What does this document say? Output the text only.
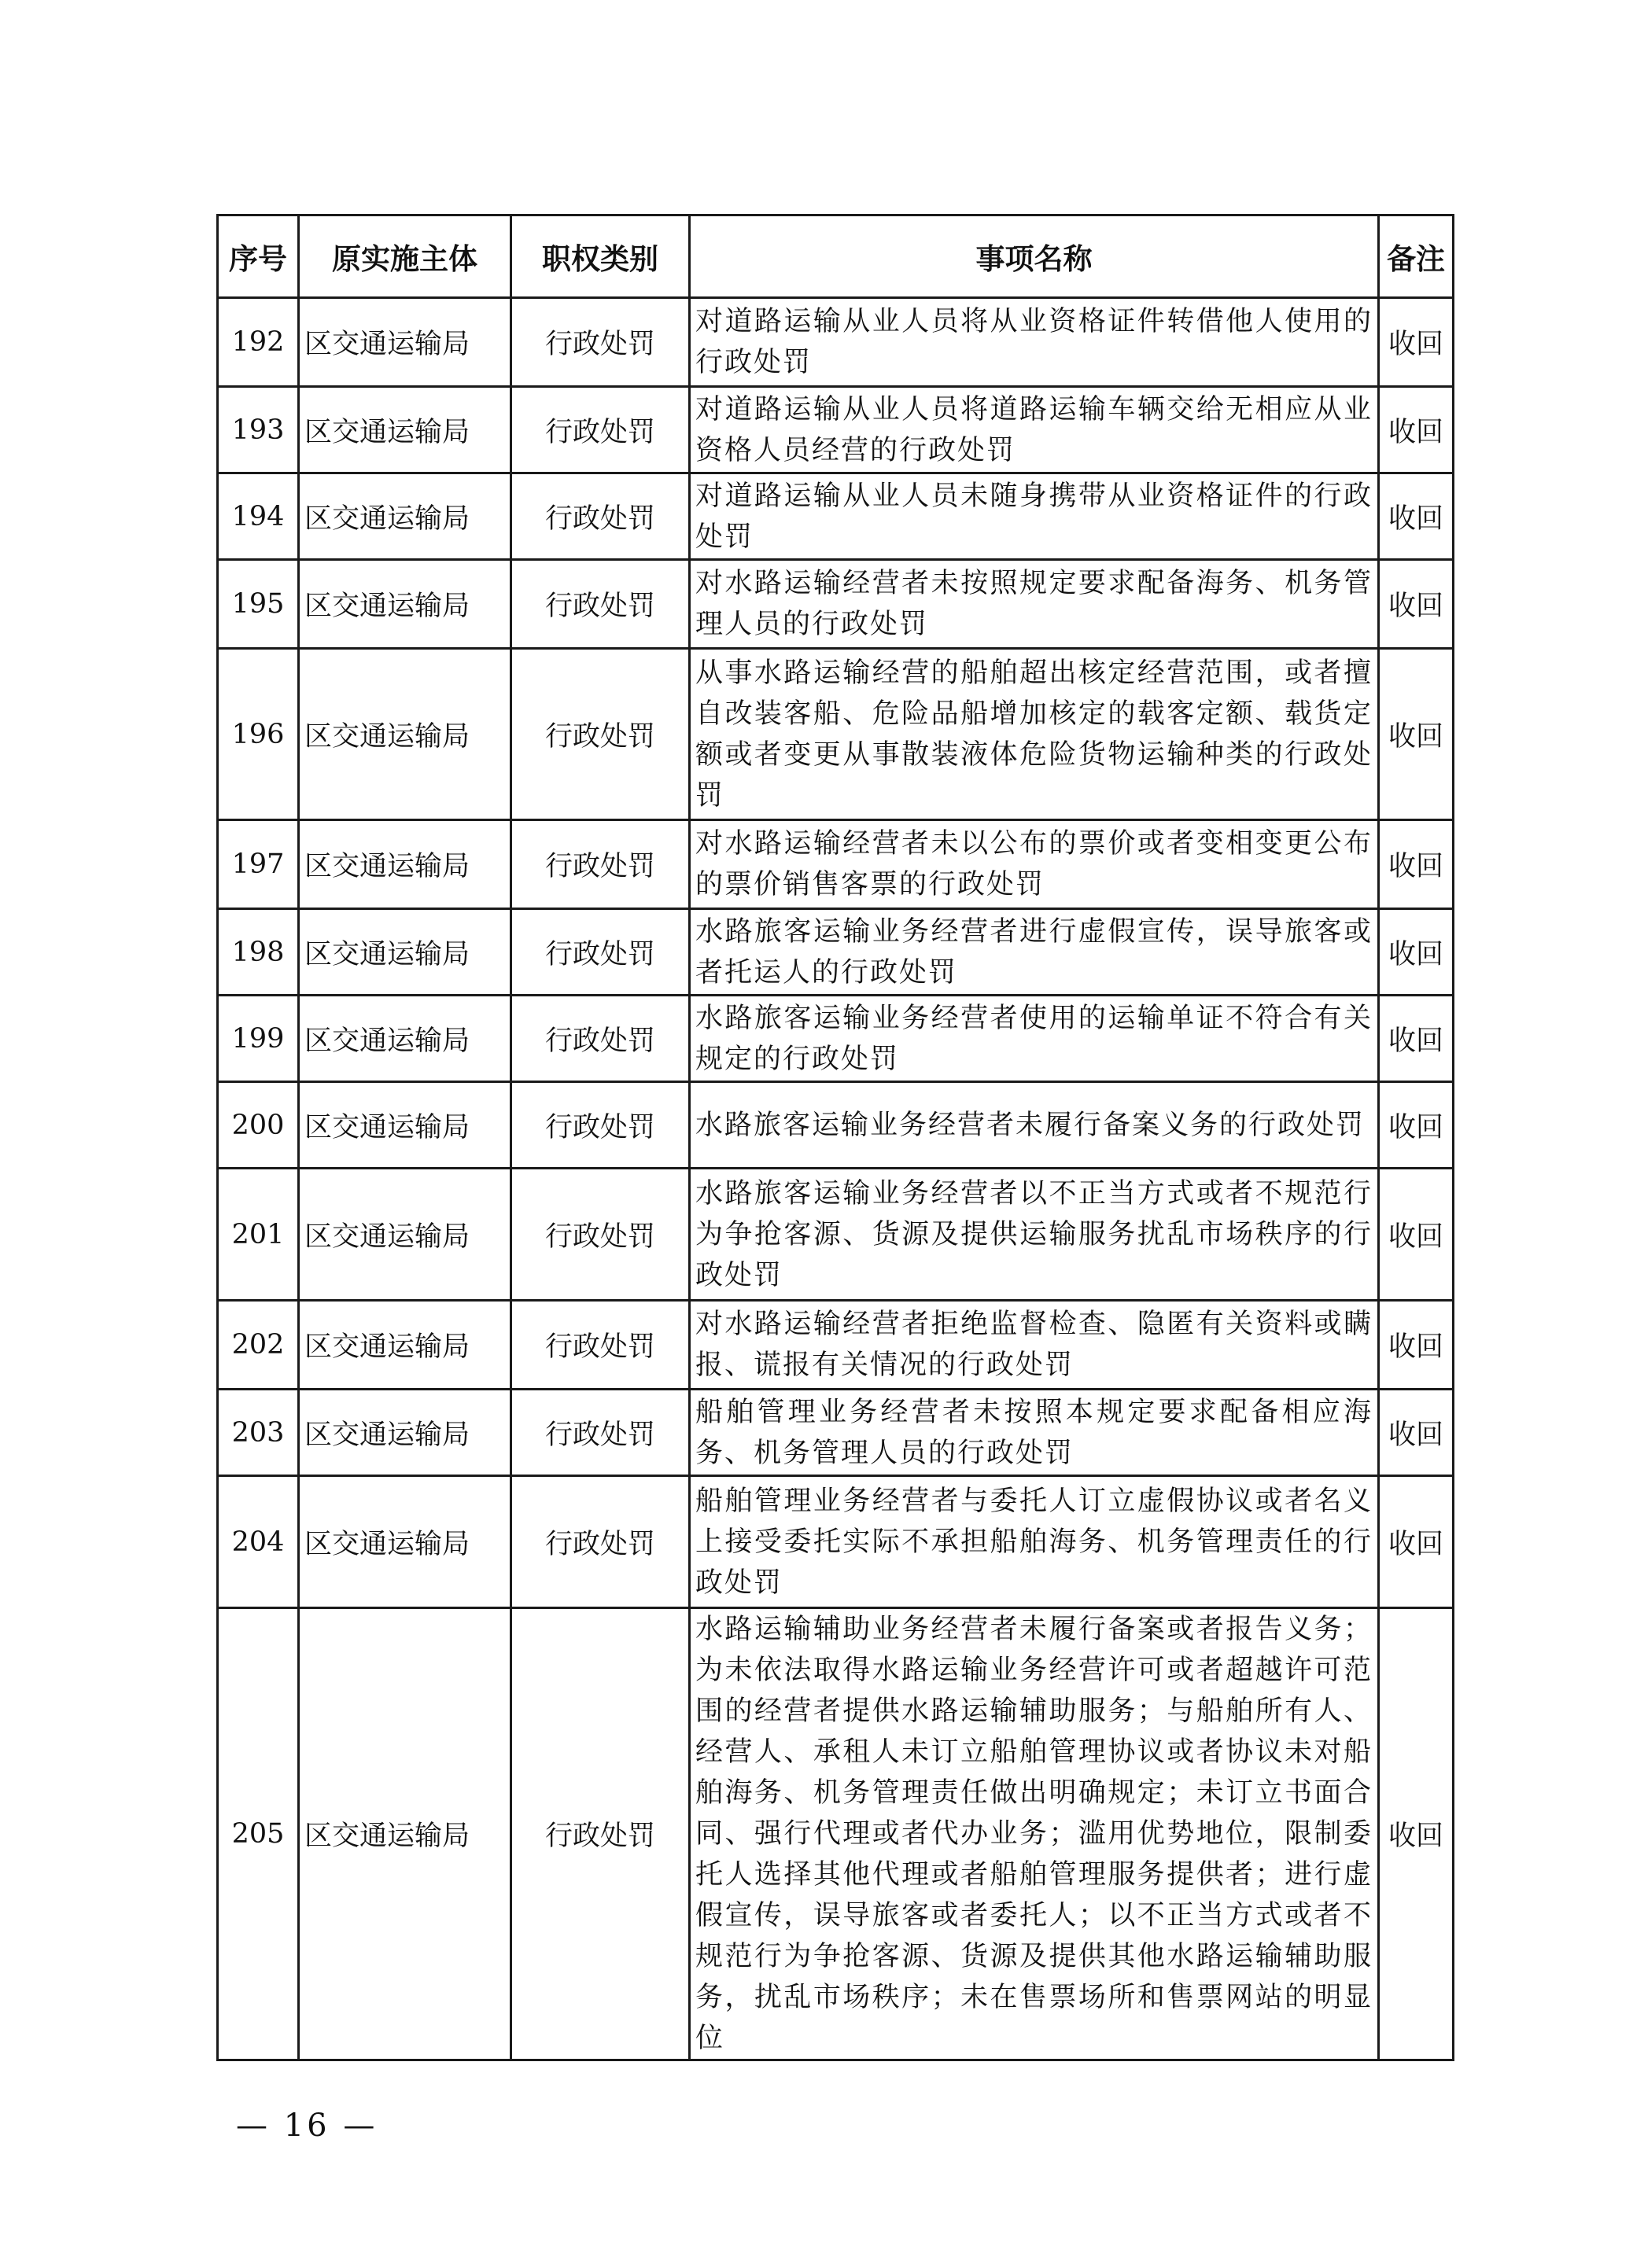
序号	原实施主体	职权类别	事项名称	备注
192	区交通运输局	行政处罚	对道路运输从业人员将从业资格证件转借他人使用的行政处罚	收回
193	区交通运输局	行政处罚	对道路运输从业人员将道路运输车辆交给无相应从业资格人员经营的行政处罚	收回
194	区交通运输局	行政处罚	对道路运输从业人员未随身携带从业资格证件的行政处罚	收回
195	区交通运输局	行政处罚	对水路运输经营者未按照规定要求配备海务、机务管理人员的行政处罚	收回
196	区交通运输局	行政处罚	从事水路运输经营的船舶超出核定经营范围，或者擅自改装客船、危险品船增加核定的载客定额、载货定额或者变更从事散装液体危险货物运输种类的行政处罚	收回
197	区交通运输局	行政处罚	对水路运输经营者未以公布的票价或者变相变更公布的票价销售客票的行政处罚	收回
198	区交通运输局	行政处罚	水路旅客运输业务经营者进行虚假宣传，误导旅客或者托运人的行政处罚	收回
199	区交通运输局	行政处罚	水路旅客运输业务经营者使用的运输单证不符合有关规定的行政处罚	收回
200	区交通运输局	行政处罚	水路旅客运输业务经营者未履行备案义务的行政处罚	收回
201	区交通运输局	行政处罚	水路旅客运输业务经营者以不正当方式或者不规范行为争抢客源、货源及提供运输服务扰乱市场秩序的行政处罚	收回
202	区交通运输局	行政处罚	对水路运输经营者拒绝监督检查、隐匿有关资料或瞒报、谎报有关情况的行政处罚	收回
203	区交通运输局	行政处罚	船舶管理业务经营者未按照本规定要求配备相应海务、机务管理人员的行政处罚	收回
204	区交通运输局	行政处罚	船舶管理业务经营者与委托人订立虚假协议或者名义上接受委托实际不承担船舶海务、机务管理责任的行政处罚	收回
205	区交通运输局	行政处罚	水路运输辅助业务经营者未履行备案或者报告义务；为未依法取得水路运输业务经营许可或者超越许可范围的经营者提供水路运输辅助服务；与船舶所有人、经营人、承租人未订立船舶管理协议或者协议未对船舶海务、机务管理责任做出明确规定；未订立书面合同、强行代理或者代办业务；滥用优势地位，限制委托人选择其他代理或者船舶管理服务提供者；进行虚假宣传，误导旅客或者委托人；以不正当方式或者不规范行为争抢客源、货源及提供其他水路运输辅助服务，扰乱市场秩序；未在售票场所和售票网站的明显位	收回
— 16 —
